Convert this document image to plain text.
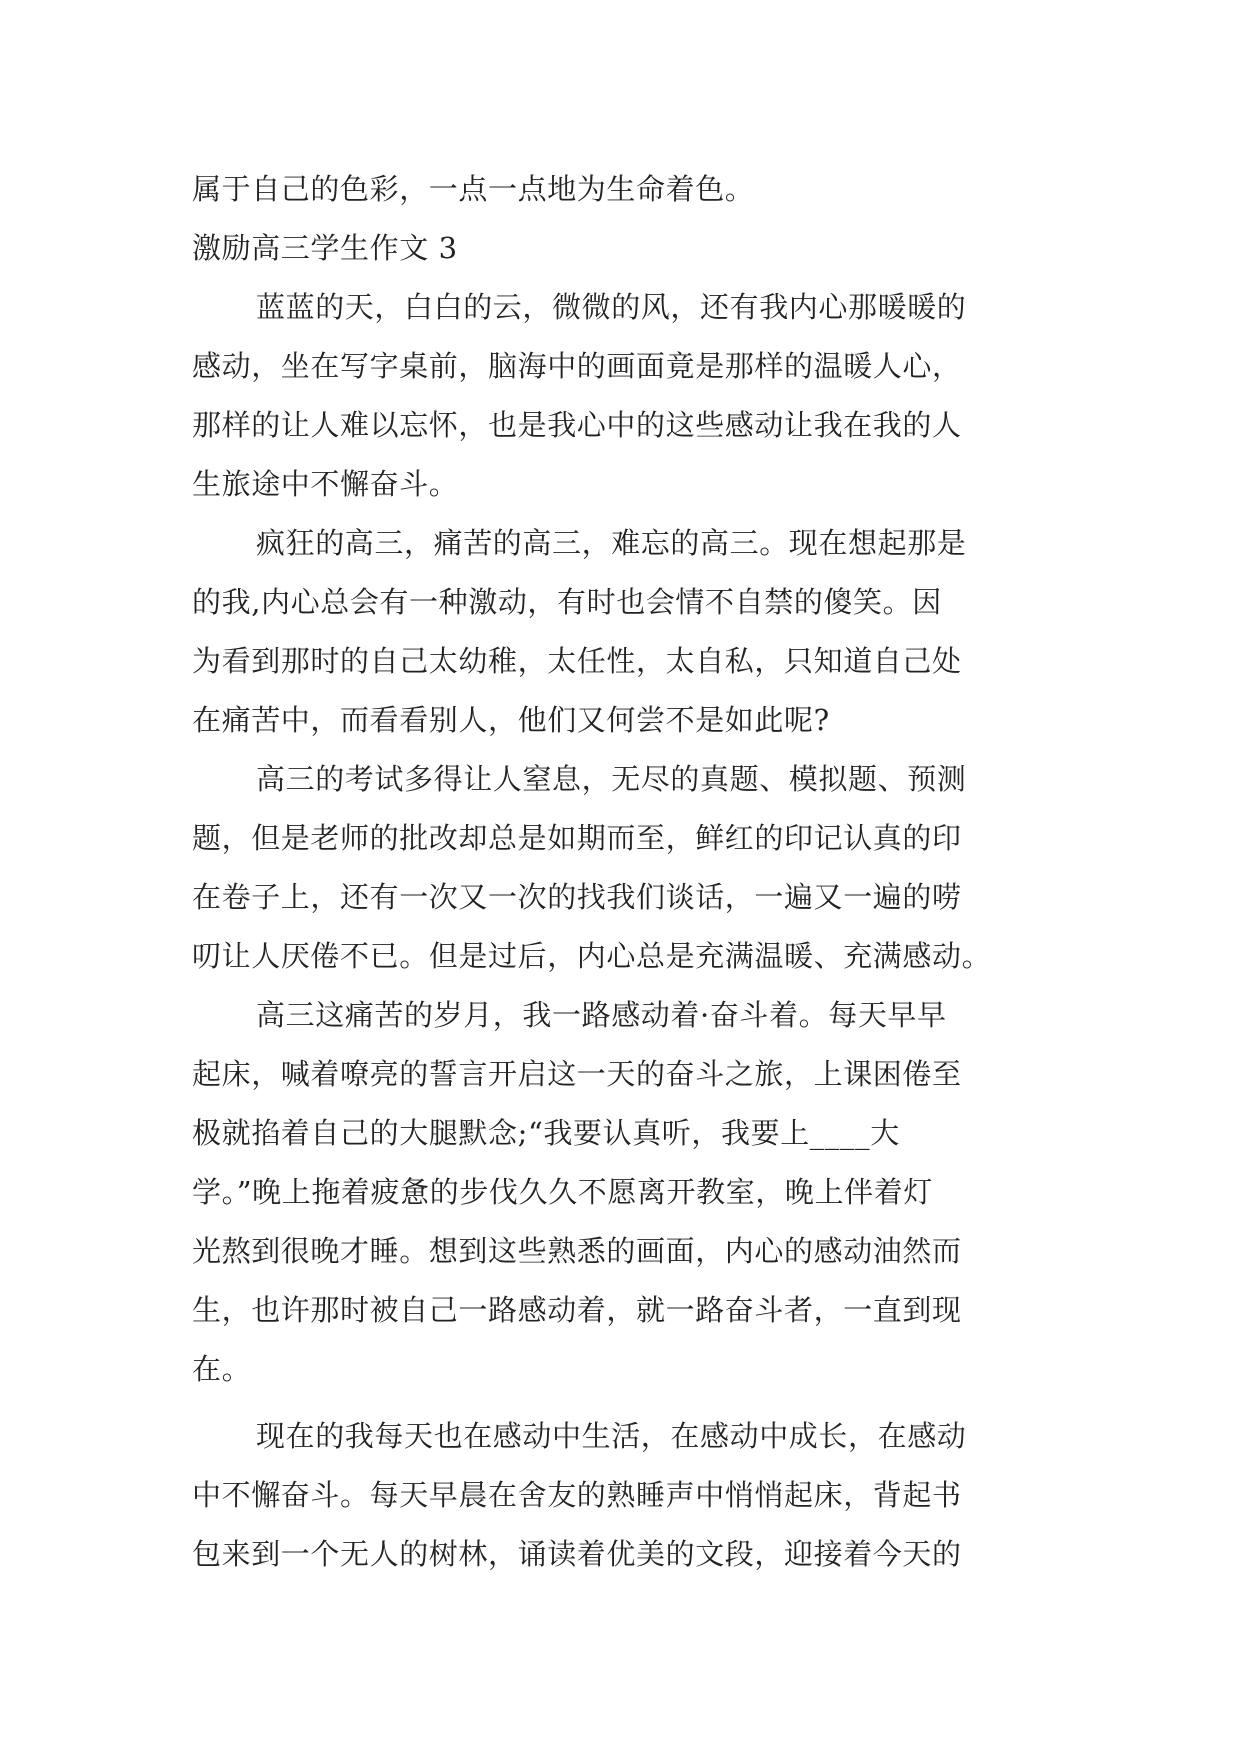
属于自己的色彩，一点一点地为生命着色。
激励高三学生作文 3
蓝蓝的天，白白的云，微微的风，还有我内心那暖暖的
感动，坐在写字桌前，脑海中的画面竟是那样的温暖人心，
那样的让人难以忘怀，也是我心中的这些感动让我在我的人
生旅途中不懈奋斗。
疯狂的高三，痛苦的高三，难忘的高三。现在想起那是
的我,内心总会有一种激动，有时也会情不自禁的傻笑。因
为看到那时的自己太幼稚，太任性，太自私，只知道自己处
在痛苦中，而看看别人，他们又何尝不是如此呢?
高三的考试多得让人窒息，无尽的真题、模拟题、预测
题，但是老师的批改却总是如期而至，鲜红的印记认真的印
在卷子上，还有一次又一次的找我们谈话，一遍又一遍的唠
叨让人厌倦不已。但是过后，内心总是充满温暖、充满感动。
高三这痛苦的岁月，我一路感动着·奋斗着。每天早早
起床，喊着嘹亮的誓言开启这一天的奋斗之旅，上课困倦至
极就掐着自己的大腿默念;“我要认真听，我要上____大
学。”晚上拖着疲惫的步伐久久不愿离开教室，晚上伴着灯
光熬到很晚才睡。想到这些熟悉的画面，内心的感动油然而
生，也许那时被自己一路感动着，就一路奋斗者，一直到现
在。
现在的我每天也在感动中生活，在感动中成长，在感动
中不懈奋斗。每天早晨在舍友的熟睡声中悄悄起床，背起书
包来到一个无人的树林，诵读着优美的文段，迎接着今天的
